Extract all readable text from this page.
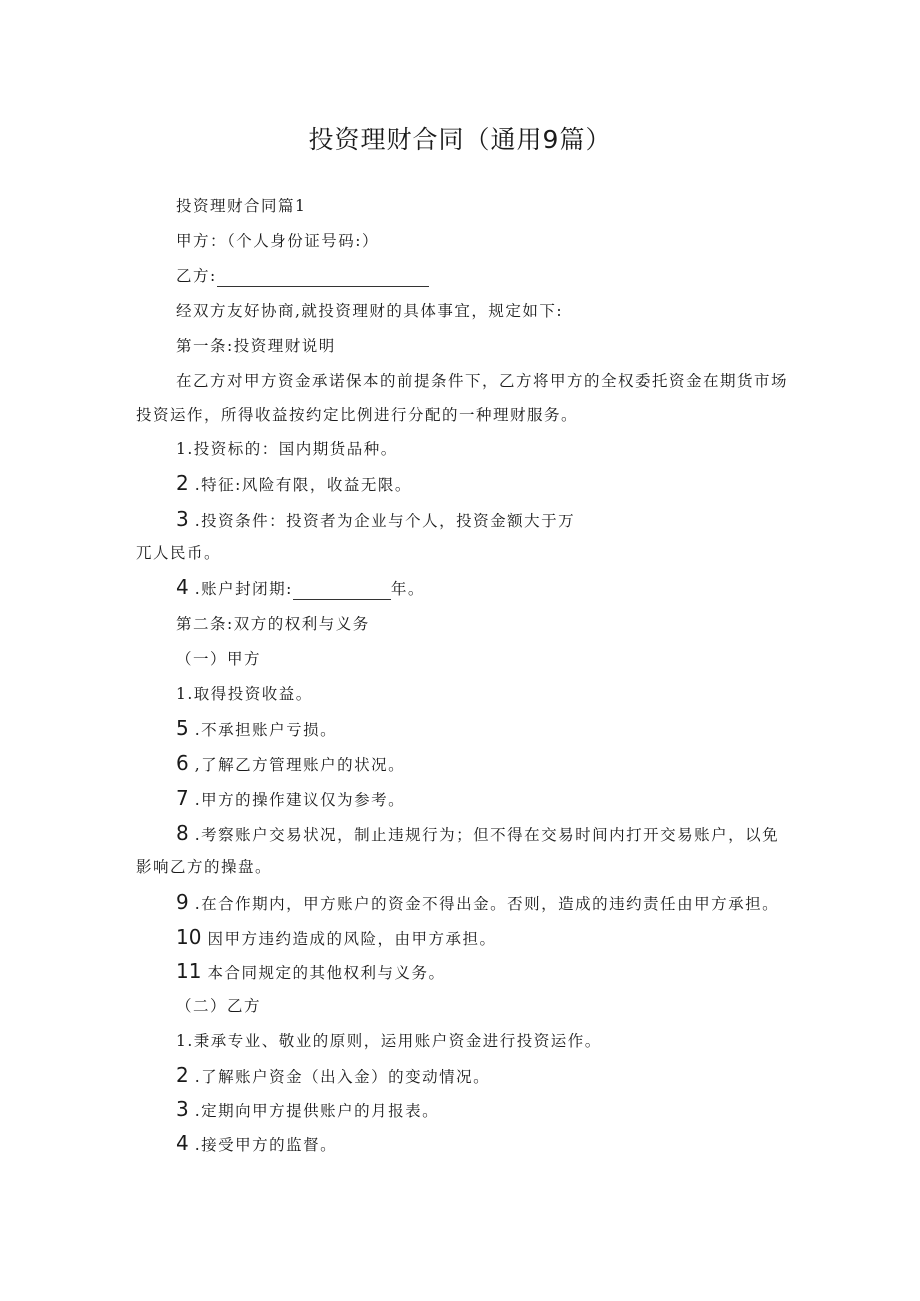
投资理财合同（通用9篇）
投资理财合同篇1
甲方：（个人身份证号码:）
乙方:
经双方友好协商,就投资理财的具体事宜，规定如下:
第一条:投资理财说明
在乙方对甲方资金承诺保本的前提条件下，乙方将甲方的全权委托资金在期货市场
投资运作，所得收益按约定比例进行分配的一种理财服务。
1.投资标的：国内期货品种。
2 .特征:风险有限，收益无限。
3 .投资条件：投资者为企业与个人，投资金额大于万
兀人民币。
4 .账户封闭期:	年。
第二条:双方的权利与义务
（一）甲方
1.取得投资收益。
5 .不承担账户亏损。
6 ,了解乙方管理账户的状况。
7 .甲方的操作建议仅为参考。
8 .考察账户交易状况，制止违规行为；但不得在交易时间内打开交易账户，以免
影响乙方的操盘。
9 .在合作期内，甲方账户的资金不得出金。否则，造成的违约责任由甲方承担。
10 因甲方违约造成的风险，由甲方承担。
11 本合同规定的其他权利与义务。
（二）乙方
1.秉承专业、敬业的原则，运用账户资金进行投资运作。
2 .了解账户资金（出入金）的变动情况。
3 .定期向甲方提供账户的月报表。
4 .接受甲方的监督。
